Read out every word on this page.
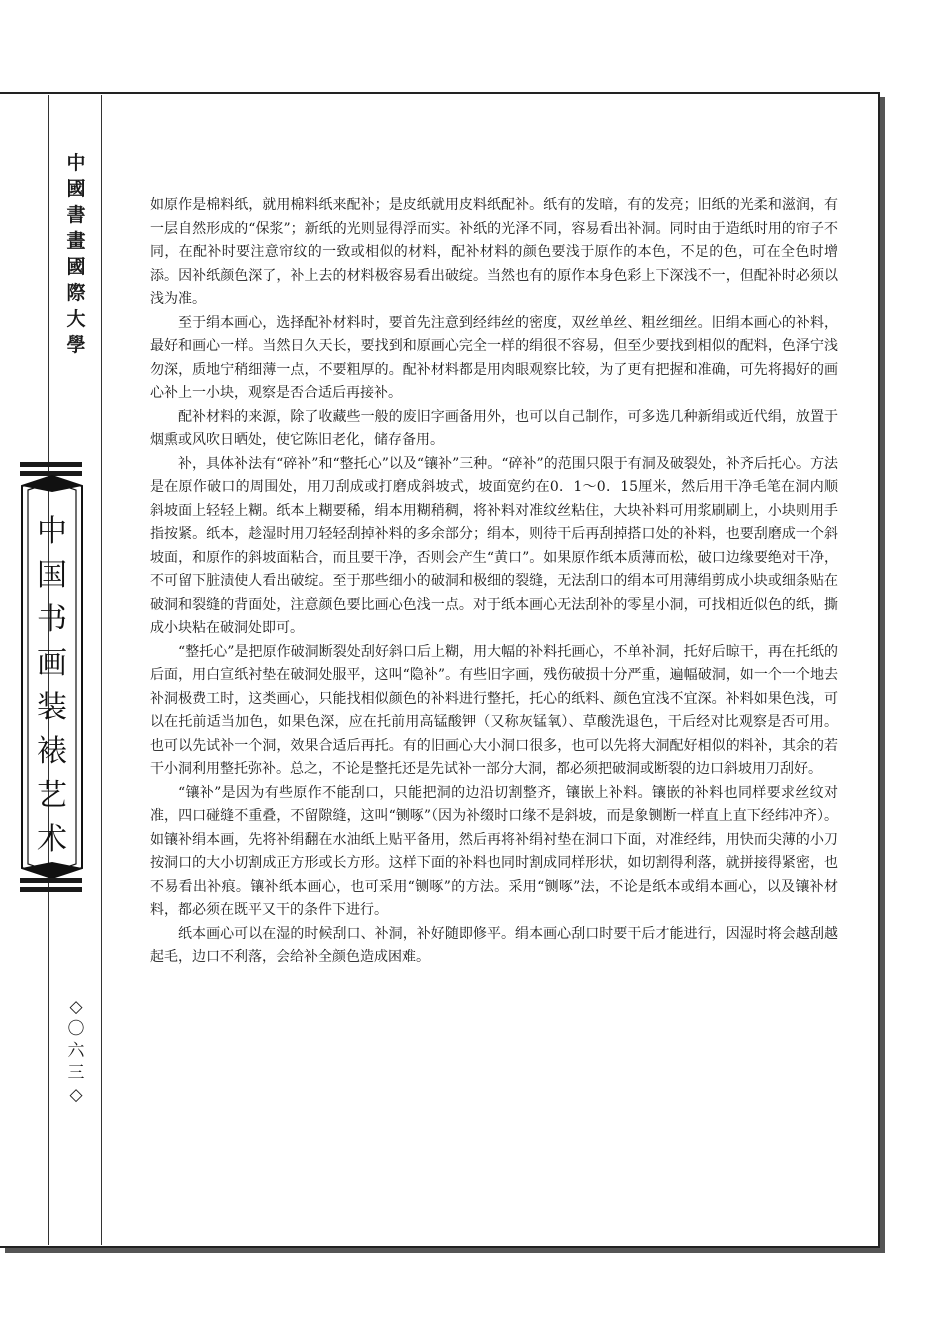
中
國
書
畫
國
際
大
學
中
国
书
画
装
裱
艺
术
◇
〇
六
三
◇

如原作是棉料纸，就用棉料纸来配补；是皮纸就用皮料纸配补。纸有的发暗，有的发亮；旧纸的光柔和滋润，有一层自然形成的“保浆”；新纸的光则显得浮而实。补纸的光泽不同，容易看出补洞。同时由于造纸时用的帘子不同，在配补时要注意帘纹的一致或相似的材料，配补材料的颜色要浅于原作的本色，不足的色，可在全色时增添。因补纸颜色深了，补上去的材料极容易看出破绽。当然也有的原作本身色彩上下深浅不一，但配补时必须以浅为准。

至于绢本画心，选择配补材料时，要首先注意到经纬丝的密度，双丝单丝、粗丝细丝。旧绢本画心的补料，最好和画心一样。当然日久天长，要找到和原画心完全一样的绢很不容易，但至少要找到相似的配料，色泽宁浅勿深，质地宁稍细薄一点，不要粗厚的。配补材料都是用肉眼观察比较，为了更有把握和准确，可先将揭好的画心补上一小块，观察是否合适后再接补。

配补材料的来源，除了收藏些一般的废旧字画备用外，也可以自己制作，可多选几种新绢或近代绢，放置于烟熏或风吹日晒处，使它陈旧老化，储存备用。

补，具体补法有“碎补”和“整托心”以及“镶补”三种。“碎补”的范围只限于有洞及破裂处，补齐后托心。方法是在原作破口的周围处，用刀刮成或打磨成斜坡式，坡面宽约在0．1～0．15厘米，然后用干净毛笔在洞内顺斜坡面上轻轻上糊。纸本上糊要稀，绢本用糊稍稠，将补料对准纹丝粘住，大块补料可用浆刷刷上，小块则用手指按紧。纸本，趁湿时用刀轻轻刮掉补料的多余部分；绢本，则待干后再刮掉搭口处的补料，也要刮磨成一个斜坡面，和原作的斜坡面粘合，而且要干净，否则会产生“黄口”。如果原作纸本质薄而松，破口边缘要绝对干净，不可留下脏渍使人看出破绽。至于那些细小的破洞和极细的裂缝，无法刮口的绢本可用薄绢剪成小块或细条贴在破洞和裂缝的背面处，注意颜色要比画心色浅一点。对于纸本画心无法刮补的零星小洞，可找相近似色的纸，撕成小块粘在破洞处即可。

“整托心”是把原作破洞断裂处刮好斜口后上糊，用大幅的补料托画心，不单补洞，托好后晾干，再在托纸的后面，用白宣纸衬垫在破洞处服平，这叫“隐补”。有些旧字画，残伤破损十分严重，遍幅破洞，如一个一个地去补洞极费工时，这类画心，只能找相似颜色的补料进行整托，托心的纸料、颜色宜浅不宜深。补料如果色浅，可以在托前适当加色，如果色深，应在托前用高锰酸钾（又称灰锰氧）、草酸洗退色，干后经对比观察是否可用。也可以先试补一个洞，效果合适后再托。有的旧画心大小洞口很多，也可以先将大洞配好相似的料补，其余的若干小洞利用整托弥补。总之，不论是整托还是先试补一部分大洞，都必须把破洞或断裂的边口斜坡用刀刮好。

“镶补”是因为有些原作不能刮口，只能把洞的边沿切割整齐，镶嵌上补料。镶嵌的补料也同样要求丝纹对准，四口碰缝不重叠，不留隙缝，这叫“铡啄”（因为补缀时口缘不是斜坡，而是象铡断一样直上直下经纬冲齐）。如镶补绢本画，先将补绢翻在水油纸上贴平备用，然后再将补绢衬垫在洞口下面，对准经纬，用快而尖薄的小刀按洞口的大小切割成正方形或长方形。这样下面的补料也同时割成同样形状，如切割得利落，就拼接得紧密，也不易看出补痕。镶补纸本画心，也可采用“铡啄”的方法。采用“铡啄”法，不论是纸本或绢本画心，以及镶补材料，都必须在既平又干的条件下进行。

纸本画心可以在湿的时候刮口、补洞，补好随即修平。绢本画心刮口时要干后才能进行，因湿时将会越刮越起毛，边口不利落，会给补全颜色造成困难。
